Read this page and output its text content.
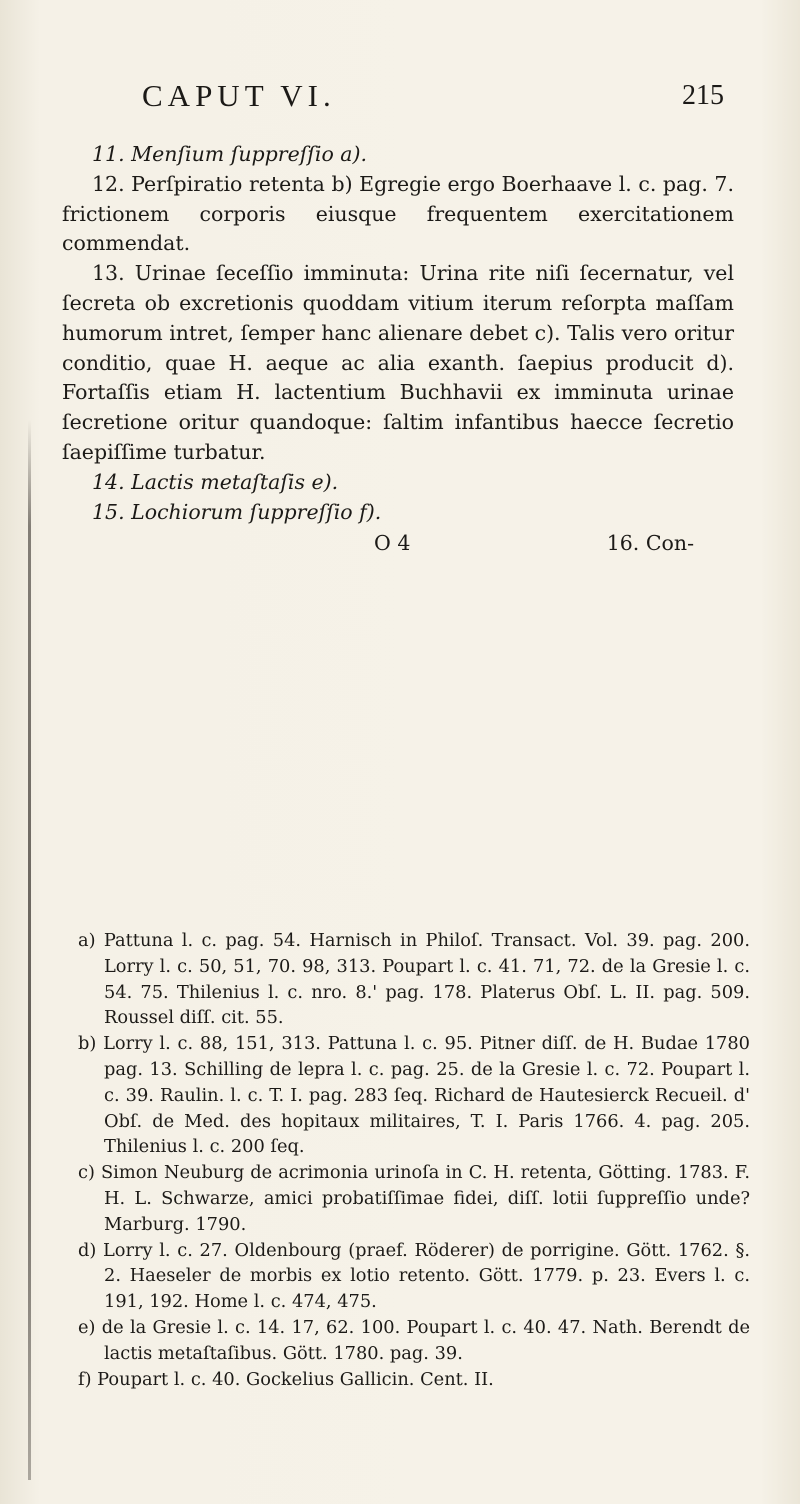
CAPUT VI.	215

11. Menſium ſuppreſſio a).

12. Perſpiratio retenta b) Egregie ergo Boerhaave l. c. pag. 7. frictionem corporis eiusque frequentem exercitationem commendat.

13. Urinae ſeceſſio imminuta: Urina rite niſi ſecernatur, vel ſecreta ob excretionis quoddam vitium iterum reſorpta maſſam humorum intret, ſemper hanc alienare debet c). Talis vero oritur conditio, quae H. aeque ac alia exanth. ſaepius producit d). Fortaſſis etiam H. lactentium Buchhavii ex imminuta urinae ſecretione oritur quandoque: ſaltim infantibus haecce ſecretio ſaepiſſime turbatur.

14. Lactis metaſtaſis e).

15. Lochiorum ſuppreſſio f).

O 4	16. Con-

a) Pattuna l. c. pag. 54. Harnisch in Philoſ. Transact. Vol. 39. pag. 200. Lorry l. c. 50, 51, 70. 98, 313. Poupart l. c. 41. 71, 72. de la Gresie l. c. 54. 75. Thilenius l. c. nro. 8.' pag. 178. Platerus Obſ. L. II. pag. 509. Roussel diſſ. cit. 55.

b) Lorry l. c. 88, 151, 313. Pattuna l. c. 95. Pitner diſſ. de H. Budae 1780 pag. 13. Schilling de lepra l. c. pag. 25. de la Gresie l. c. 72. Poupart l. c. 39. Raulin. l. c. T. I. pag. 283 ſeq. Richard de Hautesierck Recueil. d' Obſ. de Med. des hopitaux militaires, T. I. Paris 1766. 4. pag. 205. Thilenius l. c. 200 ſeq.

c) Simon Neuburg de acrimonia urinoſa in C. H. retenta, Götting. 1783. F. H. L. Schwarze, amici probatiſſimae fidei, diſſ. lotii ſuppreſſio unde? Marburg. 1790.

d) Lorry l. c. 27. Oldenbourg (praef. Röderer) de porrigine. Gött. 1762. §. 2. Haeseler de morbis ex lotio retento. Gött. 1779. p. 23. Evers l. c. 191, 192. Home l. c. 474, 475.

e) de la Gresie l. c. 14. 17, 62. 100. Poupart l. c. 40. 47. Nath. Berendt de lactis metaſtaſibus. Gött. 1780. pag. 39.

f) Poupart l. c. 40. Gockelius Gallicin. Cent. II.
